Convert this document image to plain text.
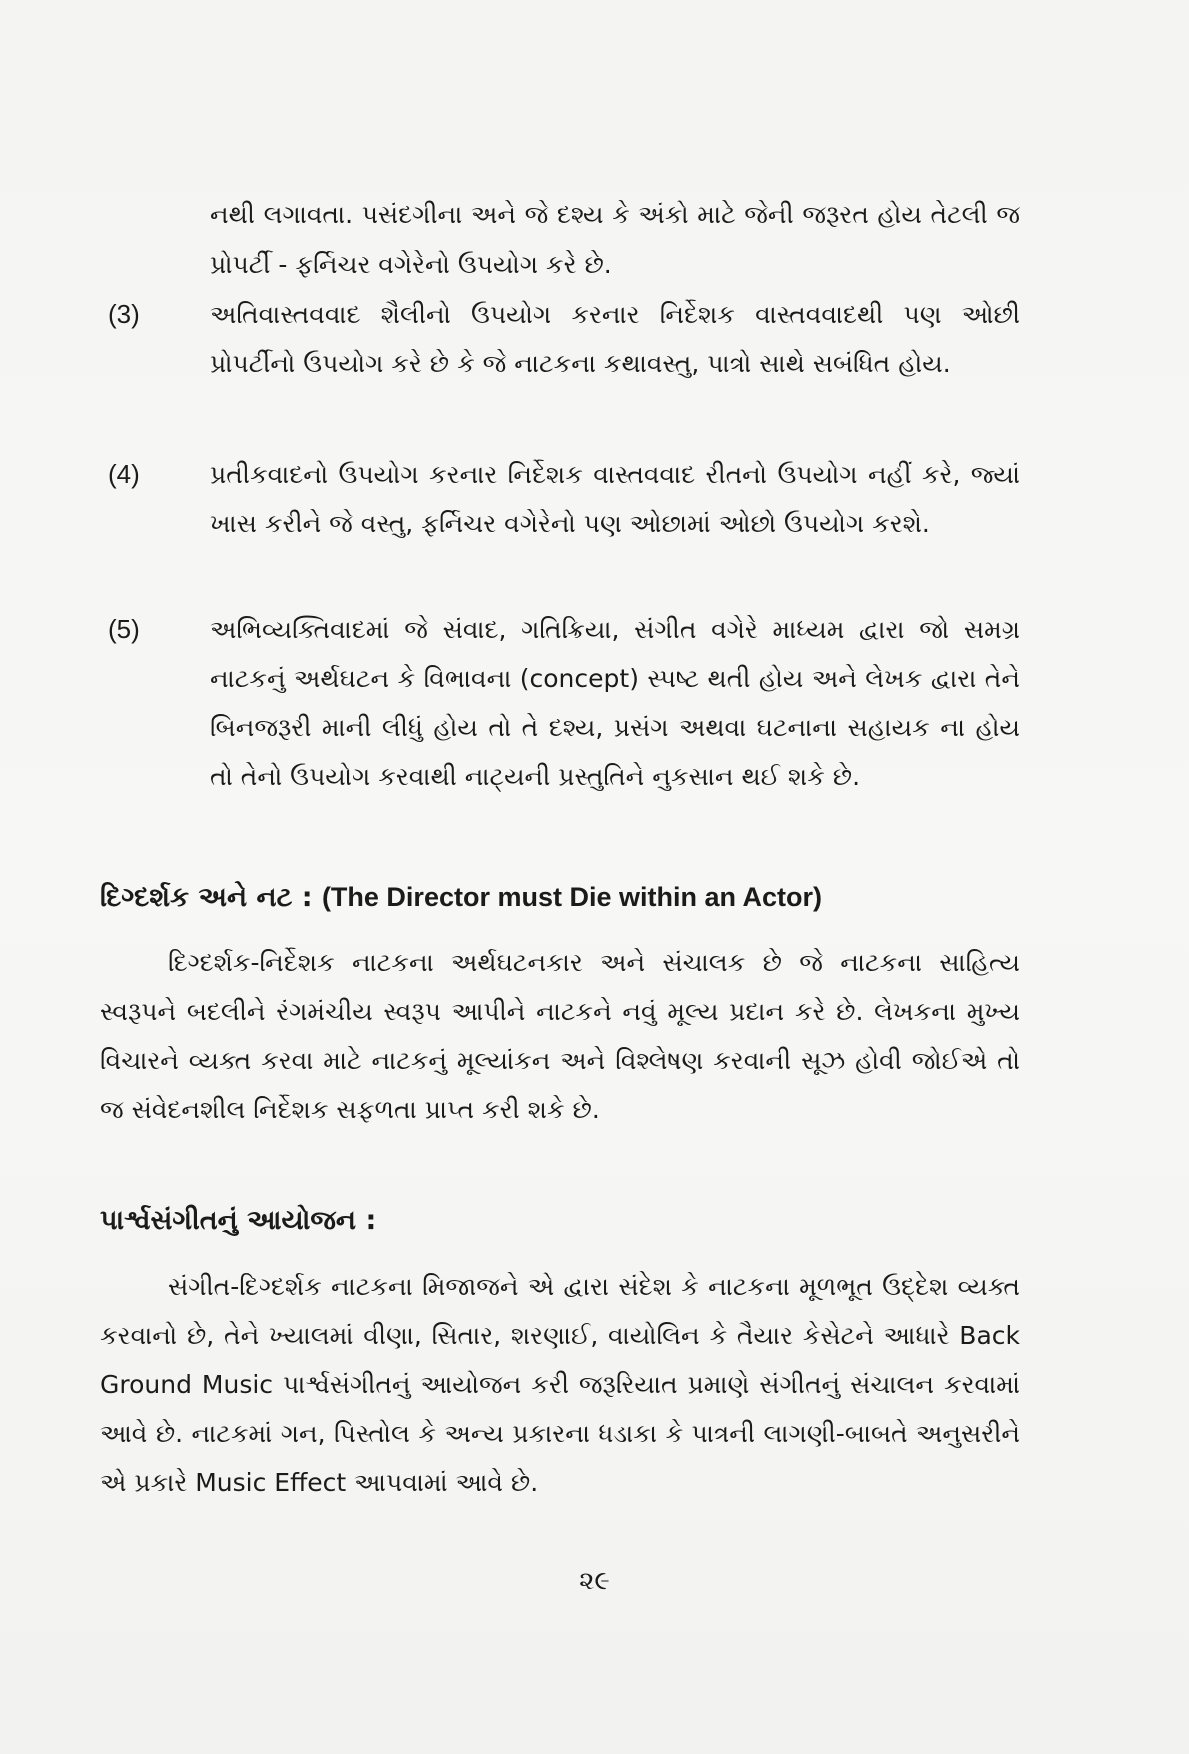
નથી લગાવતા. પસંદગીના અને જે દશ્ય કે અંકો માટે જેની જરૂરત હોય તેટલી જ પ્રોપર્ટી - ફર્નિચર વગેરેનો ઉપયોગ કરે છે.
(3)	અતિવાસ્તવવાદ શૈલીનો ઉપયોગ કરનાર નિર્દેશક વાસ્તવવાદથી પણ ઓછી પ્રોપર્ટીનો ઉપયોગ કરે છે કે જે નાટકના કથાવસ્તુ, પાત્રો સાથે સબંધિત હોય.
(4)	પ્રતીકવાદનો ઉપયોગ કરનાર નિર્દેશક વાસ્તવવાદ રીતનો ઉપયોગ નહીં કરે, જ્યાં ખાસ કરીને જે વસ્તુ, ફર્નિચર વગેરેનો પણ ઓછામાં ઓછો ઉપયોગ કરશે.
(5)	અભિવ્યક્તિવાદમાં જે સંવાદ, ગતિક્રિયા, સંગીત વગેરે માધ્યમ દ્વારા જો સમગ્ર નાટકનું અર્થઘટન કે વિભાવના (concept) સ્પષ્ટ થતી હોય અને લેખક દ્વારા તેને બિનજરૂરી માની લીધું હોય તો તે દશ્ય, પ્રસંગ અથવા ઘટનાના સહાયક ના હોય તો તેનો ઉપયોગ કરવાથી નાટ્યની પ્રસ્તુતિને નુકસાન થઈ શકે છે.
દિગ્દર્શક અને નટ : (The Director must Die within an Actor)
દિગ્દર્શક-નિર્દેશક નાટકના અર્થઘટનકાર અને સંચાલક છે જે નાટકના સાહિત્ય સ્વરૂપને બદલીને રંગમંચીય સ્વરૂપ આપીને નાટકને નવું મૂલ્ય પ્રદાન કરે છે. લેખકના મુખ્ય વિચારને વ્યક્ત કરવા માટે નાટકનું મૂલ્યાંકન અને વિશ્લેષણ કરવાની સૂઝ હોવી જોઈએ તો જ સંવેદનશીલ નિર્દેશક સફળતા પ્રાપ્ત કરી શકે છે.
પાર્શ્વસંગીતનું આયોજન :
સંગીત-દિગ્દર્શક નાટકના મિજાજને એ દ્વારા સંદેશ કે નાટકના મૂળભૂત ઉદ્દેશ વ્યક્ત કરવાનો છે, તેને ખ્યાલમાં વીણા, સિતાર, શરણાઈ, વાયોલિન કે તૈયાર કેસેટને આધારે Back Ground Music પાર્શ્વસંગીતનું આયોજન કરી જરૂરિયાત પ્રમાણે સંગીતનું સંચાલન કરવામાં આવે છે. નાટકમાં ગન, પિસ્તોલ કે અન્ય પ્રકારના ધડાકા કે પાત્રની લાગણી-બાબતે અનુસરીને એ પ્રકારે Music Effect આપવામાં આવે છે.
૨૯
